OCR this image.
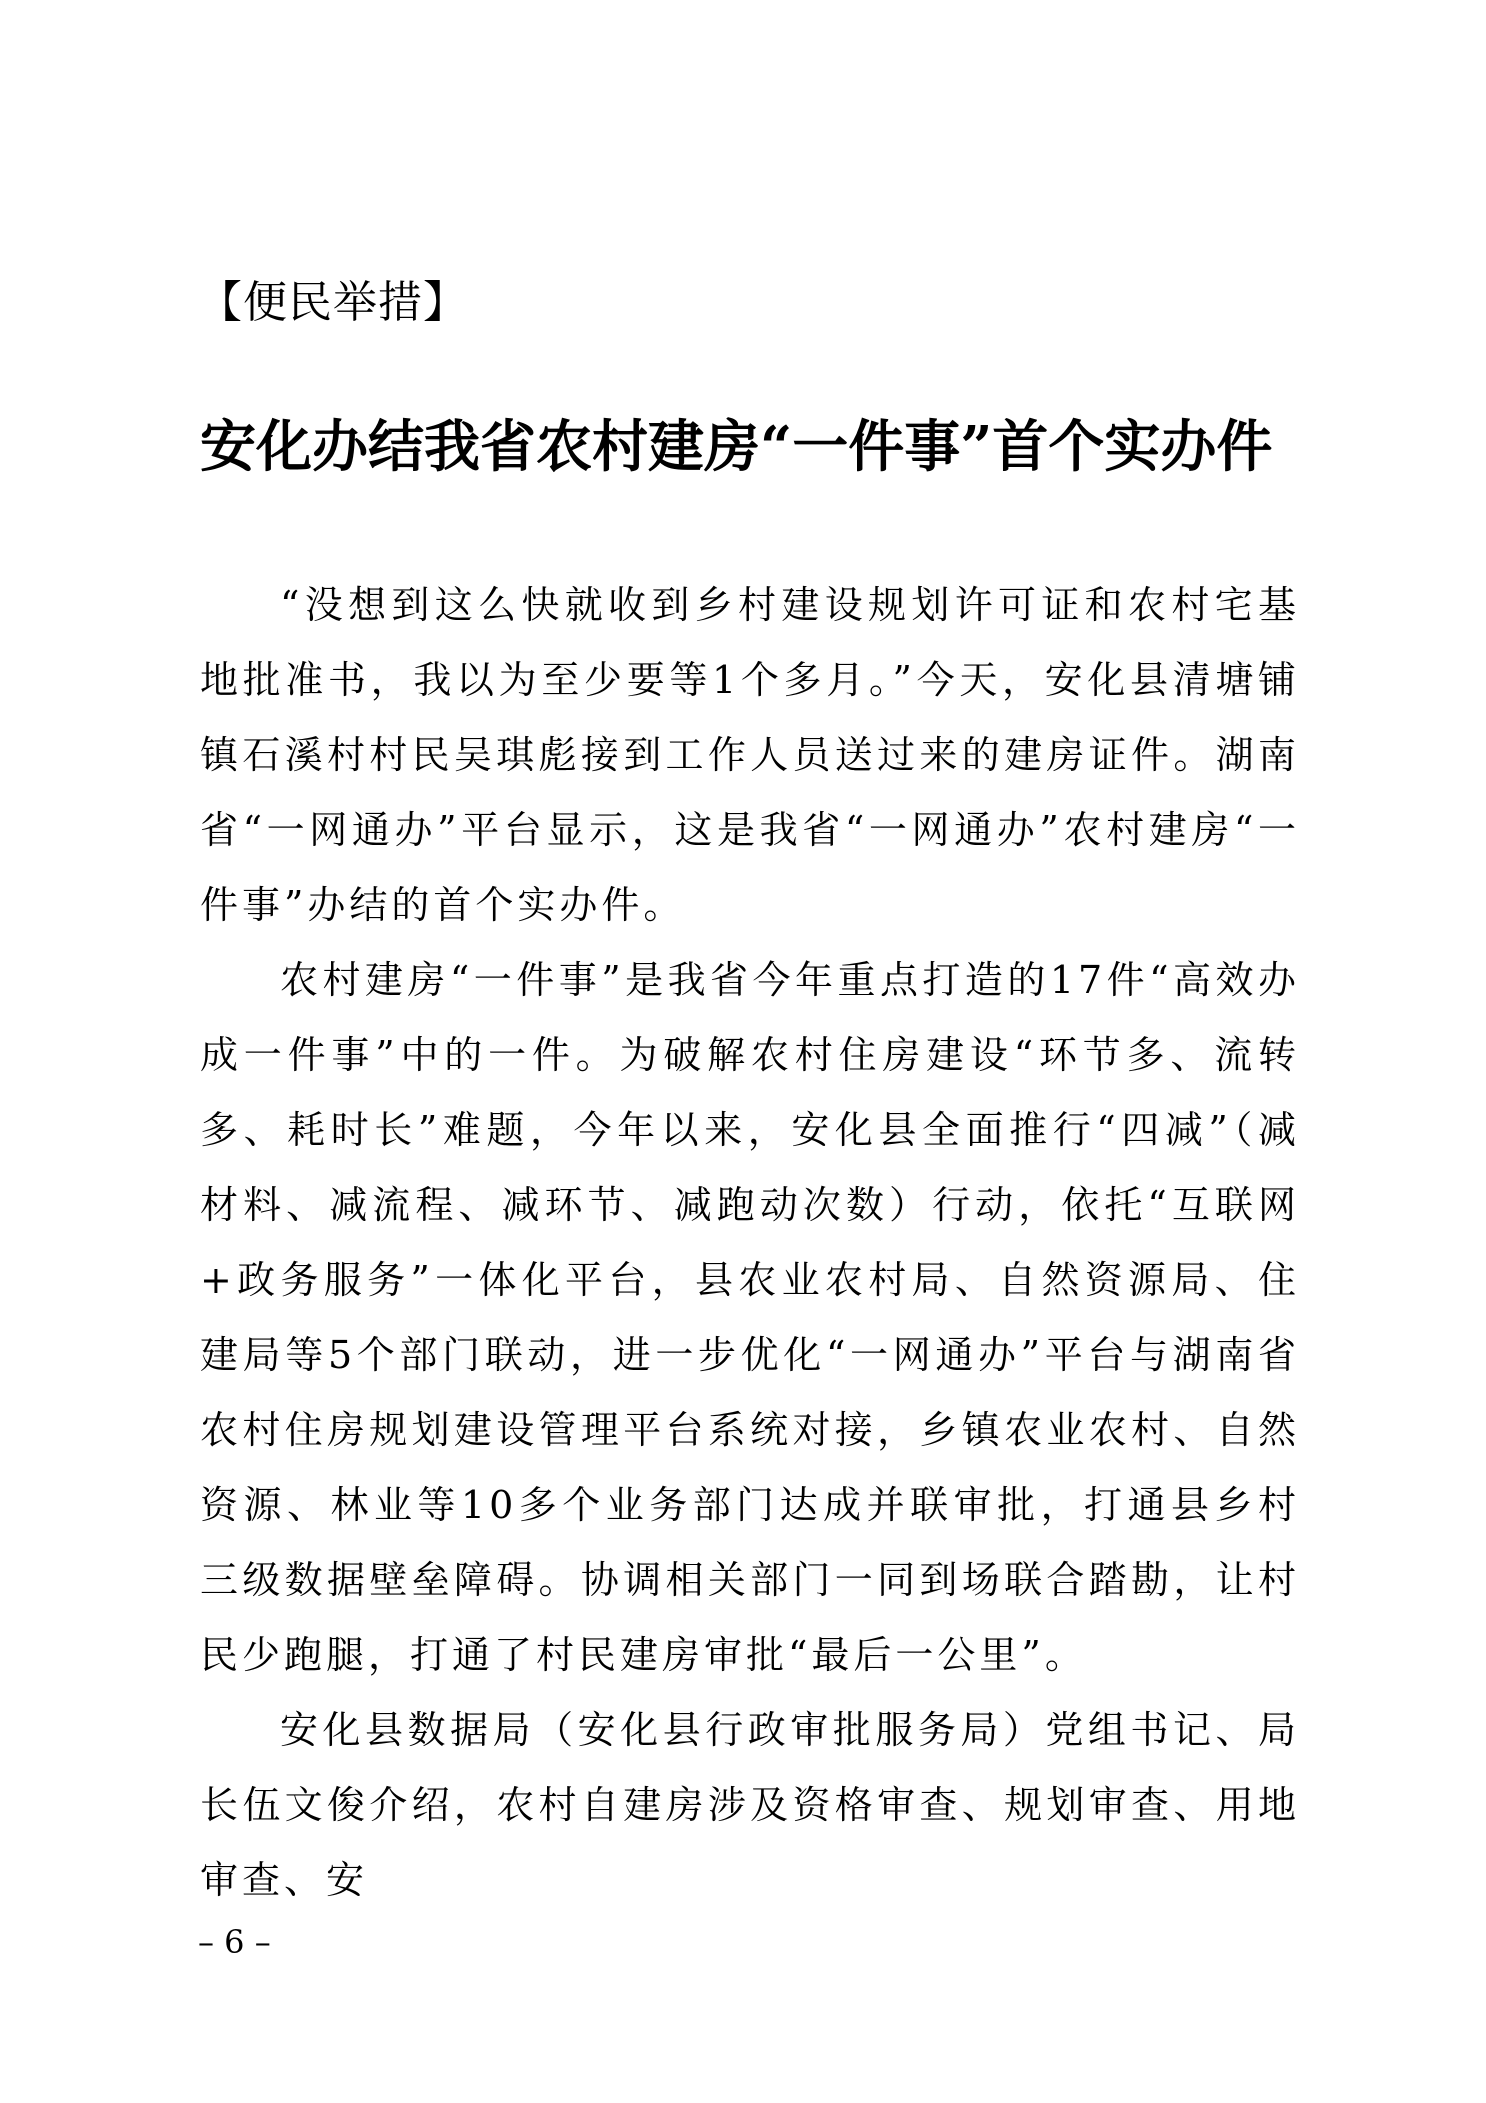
【便民举措】
安化办结我省农村建房“一件事”首个实办件

“没想到这么快就收到乡村建设规划许可证和农村宅基地批准书，我以为至少要等1个多月。”今天，安化县清塘铺镇石溪村村民吴琪彪接到工作人员送过来的建房证件。湖南省“一网通办”平台显示，这是我省“一网通办”农村建房“一件事”办结的首个实办件。

农村建房“一件事”是我省今年重点打造的17件“高效办成一件事”中的一件。为破解农村住房建设“环节多、流转多、耗时长”难题，今年以来，安化县全面推行“四减”（减材料、减流程、减环节、减跑动次数）行动，依托“互联网+政务服务”一体化平台，县农业农村局、自然资源局、住建局等5个部门联动，进一步优化“一网通办”平台与湖南省农村住房规划建设管理平台系统对接，乡镇农业农村、自然资源、林业等10多个业务部门达成并联审批，打通县乡村三级数据壁垒障碍。协调相关部门一同到场联合踏勘，让村民少跑腿，打通了村民建房审批“最后一公里”。

安化县数据局（安化县行政审批服务局）党组书记、局长伍文俊介绍，农村自建房涉及资格审查、规划审查、用地审查、安

– 6 –
